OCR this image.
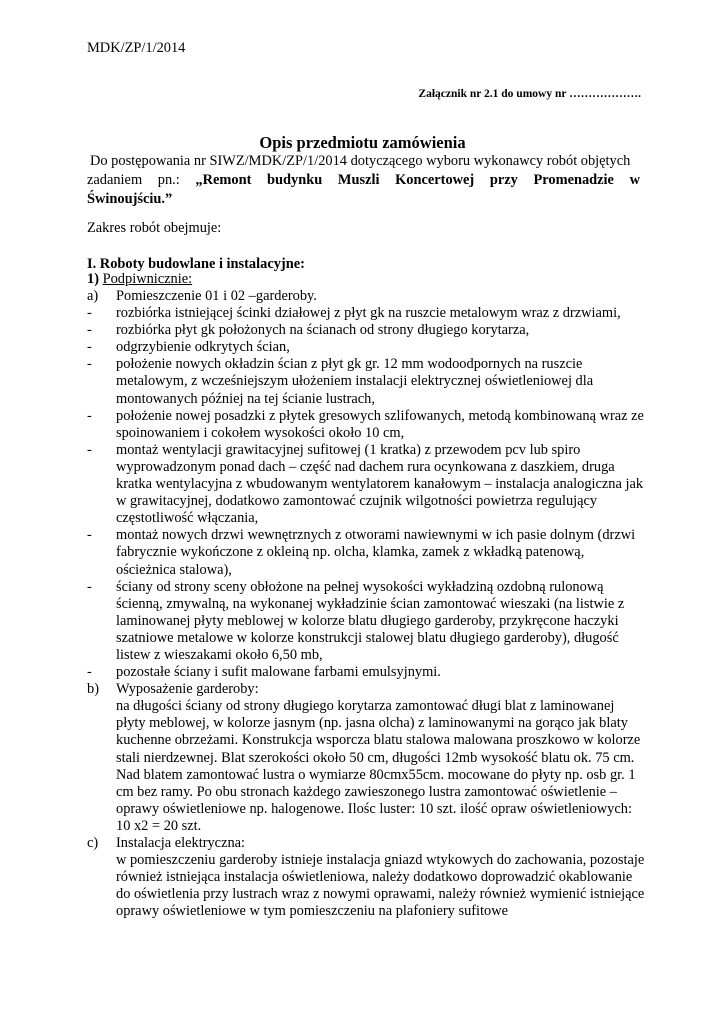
MDK/ZP/1/2014
Załącznik nr 2.1 do umowy nr ……………….
Opis przedmiotu zamówienia
Do postępowania nr SIWZ/MDK/ZP/1/2014 dotyczącego wyboru wykonawcy robót objętych
zadaniem pn.: „Remont budynku Muszli Koncertowej przy Promenadzie w
Świnoujściu.”
Zakres robót obejmuje:
I. Roboty budowlane i instalacyjne:
1) Podpiwnicznie:
a)	Pomieszczenie 01 i 02 –garderoby.
-	rozbiórka istniejącej ścinki działowej z płyt gk na ruszcie metalowym wraz z drzwiami,
-	rozbiórka płyt gk położonych na ścianach od strony długiego korytarza,
-	odgrzybienie odkrytych ścian,
-	położenie nowych okładzin ścian z płyt gk gr. 12 mm wodoodpornych na ruszcie metalowym, z wcześniejszym ułożeniem instalacji elektrycznej oświetleniowej dla montowanych później na tej ścianie lustrach,
-	położenie nowej posadzki z płytek gresowych szlifowanych, metodą kombinowaną wraz ze spoinowaniem i cokołem wysokości około 10 cm,
-	montaż wentylacji grawitacyjnej sufitowej (1 kratka) z przewodem pcv lub spiro wyprowadzonym ponad dach – część nad dachem rura ocynkowana z daszkiem, druga kratka wentylacyjna z wbudowanym wentylatorem kanałowym – instalacja analogiczna jak w grawitacyjnej, dodatkowo zamontować czujnik wilgotności powietrza regulujący częstotliwość włączania,
-	montaż nowych drzwi wewnętrznych z otworami nawiewnymi w ich pasie dolnym (drzwi fabrycznie wykończone z okleiną np. olcha, klamka, zamek z wkładką patenową, ościeżnica stalowa),
-	ściany od strony sceny obłożone na pełnej wysokości wykładziną ozdobną rulonową ścienną, zmywalną, na wykonanej wykładzinie ścian zamontować wieszaki (na listwie z laminowanej płyty meblowej w kolorze blatu długiego garderoby, przykręcone haczyki szatniowe metalowe w kolorze konstrukcji stalowej blatu długiego garderoby), długość listew z wieszakami około 6,50 mb,
-	pozostałe ściany i sufit malowane farbami emulsyjnymi.
b)	Wyposażenie garderoby:
na długości ściany od strony długiego korytarza zamontować długi blat z laminowanej płyty meblowej, w kolorze jasnym (np. jasna olcha) z laminowanymi na gorąco jak blaty kuchenne obrzeżami. Konstrukcja wsporcza blatu stalowa malowana proszkowo w kolorze stali nierdzewnej. Blat szerokości około 50 cm, długości 12mb wysokość blatu ok. 75 cm. Nad blatem zamontować lustra o wymiarze 80cmx55cm. mocowane do płyty np. osb gr. 1 cm bez ramy. Po obu stronach każdego zawieszonego lustra zamontować oświetlenie – oprawy oświetleniowe np. halogenowe. Ilośc luster: 10 szt. ilość opraw oświetleniowych: 10 x2 = 20 szt.
c)	Instalacja elektryczna:
w pomieszczeniu garderoby istnieje instalacja gniazd wtykowych do zachowania, pozostaje również istniejąca instalacja oświetleniowa, należy dodatkowo doprowadzić okablowanie do oświetlenia przy lustrach wraz z nowymi oprawami, należy również wymienić istniejące oprawy oświetleniowe w tym pomieszczeniu na plafoniery sufitowe
